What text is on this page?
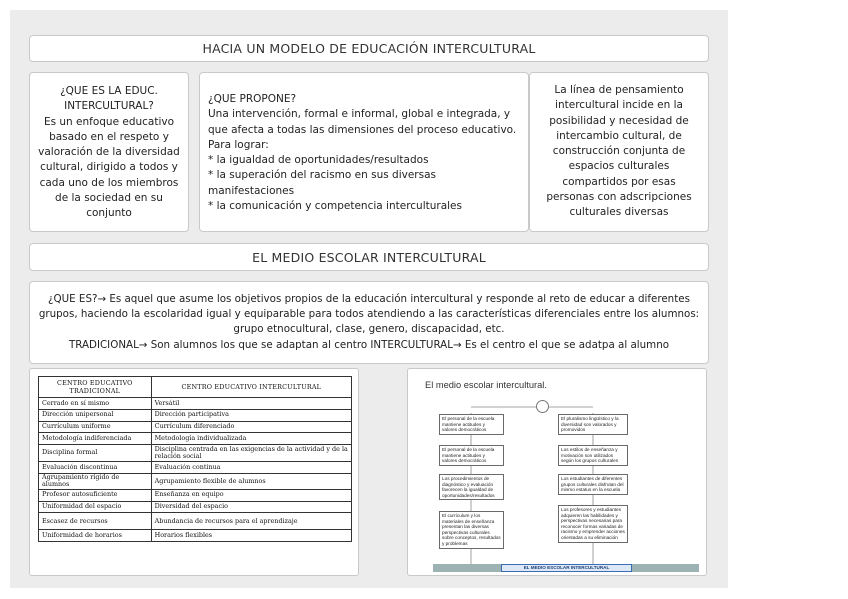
HACIA UN MODELO DE EDUCACIÓN INTERCULTURAL
¿QUE ES LA EDUC.
INTERCULTURAL?
Es un enfoque educativo
basado en el respeto y
valoración de la diversidad
cultural, dirigido a todos y
cada uno de los miembros
de la sociedad en su
conjunto
¿QUE PROPONE?
Una intervención, formal e informal, global e integrada, y
que afecta a todas las dimensiones del proceso educativo.
Para lograr:
* la igualdad de oportunidades/resultados
* la superación del racismo en sus diversas
manifestaciones
* la comunicación y competencia interculturales
La línea de pensamiento
intercultural incide en la
posibilidad y necesidad de
intercambio cultural, de
construcción conjunta de
espacios culturales
compartidos por esas
personas con adscripciones
culturales diversas
EL MEDIO ESCOLAR INTERCULTURAL
¿QUE ES?→ Es aquel que asume los objetivos propios de la educación intercultural y responde al reto de educar a diferentes
grupos, haciendo la escolaridad igual y equiparable para todos atendiendo a las características diferenciales entre los alumnos:
grupo etnocultural, clase, genero, discapacidad, etc.
TRADICIONAL→ Son alumnos los que se adaptan al centro INTERCULTURAL→ Es el centro el que se adatpa al alumno
CENTRO EDUCATIVO TRADICIONAL	CENTRO EDUCATIVO INTERCULTURAL
Cerrado en sí mismo	Versátil
Dirección unipersonal	Dirección participativa
Currículum uniforme	Currículum diferenciado
Metodología indiferenciada	Metodología individualizada
Disciplina formal	Disciplina centrada en las exigencias de la actividad y de la relación social
Evaluación discontinua	Evaluación continua
Agrupamiento rígido de alumnos	Agrupamiento flexible de alumnos
Profesor autosuficiente	Enseñanza en equipo
Uniformidad del espacio	Diversidad del espacio
Escasez de recursos	Abundancia de recursos para el aprendizaje
Uniformidad de horarios	Horarios flexibles
El medio escolar intercultural.
El personal de la escuela mantiene actitudes y valores democráticos
El personal de la escuela mantiene actitudes y valores democráticos
Los procedimientos de diagnóstico y evaluación favorecen la igualdad de oportunidades/resultados
El currículum y los materiales de enseñanza presentan las diversas perspectivas culturales sobre conceptos, resultados y problemas
El pluralismo lingüístico y la diversidad son valorados y promovidos
Los estilos de enseñanza y motivación son utilizados según los grupos culturales
Los estudiantes de diferentes grupos culturales disfrutan del mismo estatus en la escuela
Los profesores y estudiantes adquieren las habilidades y perspectivas necesarias para reconocer formas variadas de racismo y emprender acciones orientadas a su eliminación
EL MEDIO ESCOLAR INTERCULTURAL
